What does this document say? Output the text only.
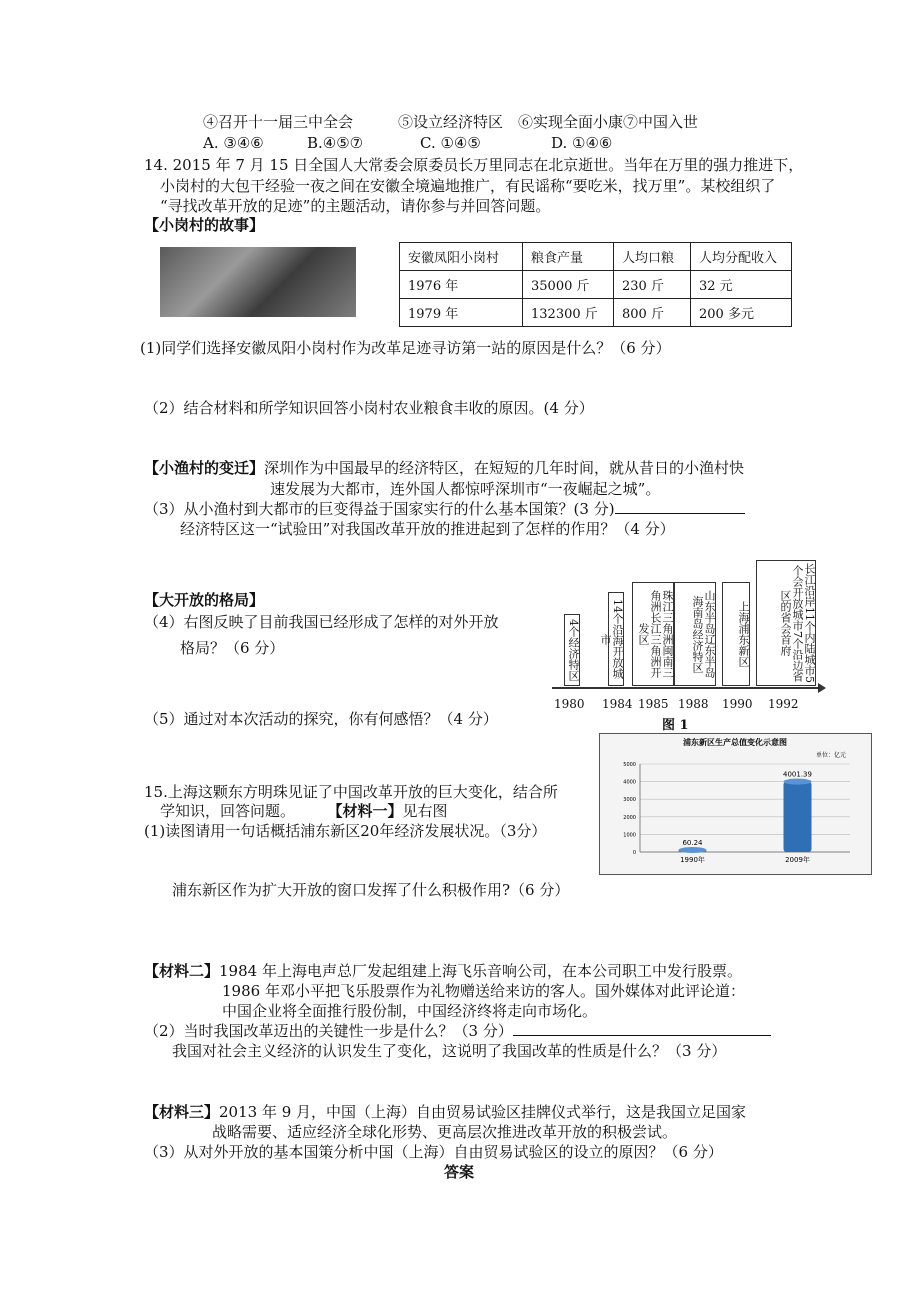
④召开十一届三中全会　　　⑤设立经济特区　⑥实现全面小康⑦中国入世
A. ③④⑥	B.④⑤⑦	C. ①④⑤	D. ①④⑥
14. 2015 年 7 月 15 日全国人大常委会原委员长万里同志在北京逝世。当年在万里的强力推进下，
小岗村的大包干经验一夜之间在安徽全境遍地推广，有民谣称“要吃米，找万里”。某校组织了
“寻找改革开放的足迹”的主题活动，请你参与并回答问题。
【小岗村的故事】
安徽凤阳小岗村	粮食产量	人均口粮	人均分配收入
1976 年	35000 斤	230 斤	32 元
1979 年	132300 斤	800 斤	200 多元
(1)同学们选择安徽凤阳小岗村作为改革足迹寻访第一站的原因是什么？（6 分）
（2）结合材料和所学知识回答小岗村农业粮食丰收的原因。(4 分）
【小渔村的变迁】深圳作为中国最早的经济特区，在短短的几年时间，就从昔日的小渔村快
速发展为大都市，连外国人都惊呼深圳市“一夜崛起之城”。
（3）从小渔村到大都市的巨变得益于国家实行的什么基本国策？(3 分)
经济特区这一“试验田”对我国改革开放的推进起到了怎样的作用？（4 分）
【大开放的格局】
（4）右图反映了目前我国已经形成了怎样的对外开放
格局？（6 分）
（5）通过对本次活动的探究，你有何感悟？（4 分）
4个经济特区	14个沿海开放城市	珠江三角洲闽南三角洲长江三角洲开发区	山东半岛辽东半岛海南岛经济特区	上海浦东新区	长江沿岸11个内陆城市5个会开放城市7个沿边省区的省会首府
1980 1984 1985 1988 1990 1992
图 1
浦东新区生产总值变化示意图
单位：亿元
0
1000
2000
3000
4000
5000
60.24
1990年
4001.39
2009年
15.上海这颗东方明珠见证了中国改革开放的巨大变化，结合所
学知识，回答问题。	【材料一】见右图
(1)读图请用一句话概括浦东新区20年经济发展状况。（3分）
浦东新区作为扩大开放的窗口发挥了什么积极作用?（6 分）
【材料二】1984 年上海电声总厂发起组建上海飞乐音响公司，在本公司职工中发行股票。
1986 年邓小平把飞乐股票作为礼物赠送给来访的客人。国外媒体对此评论道：
中国企业将全面推行股份制，中国经济终将走向市场化。
（2）当时我国改革迈出的关键性一步是什么？（3 分）
我国对社会主义经济的认识发生了变化，这说明了我国改革的性质是什么？（3 分）
【材料三】2013 年 9 月，中国（上海）自由贸易试验区挂牌仪式举行，这是我国立足国家
战略需要、适应经济全球化形势、更高层次推进改革开放的积极尝试。
（3）从对外开放的基本国策分析中国（上海）自由贸易试验区的设立的原因？（6 分）
答案
